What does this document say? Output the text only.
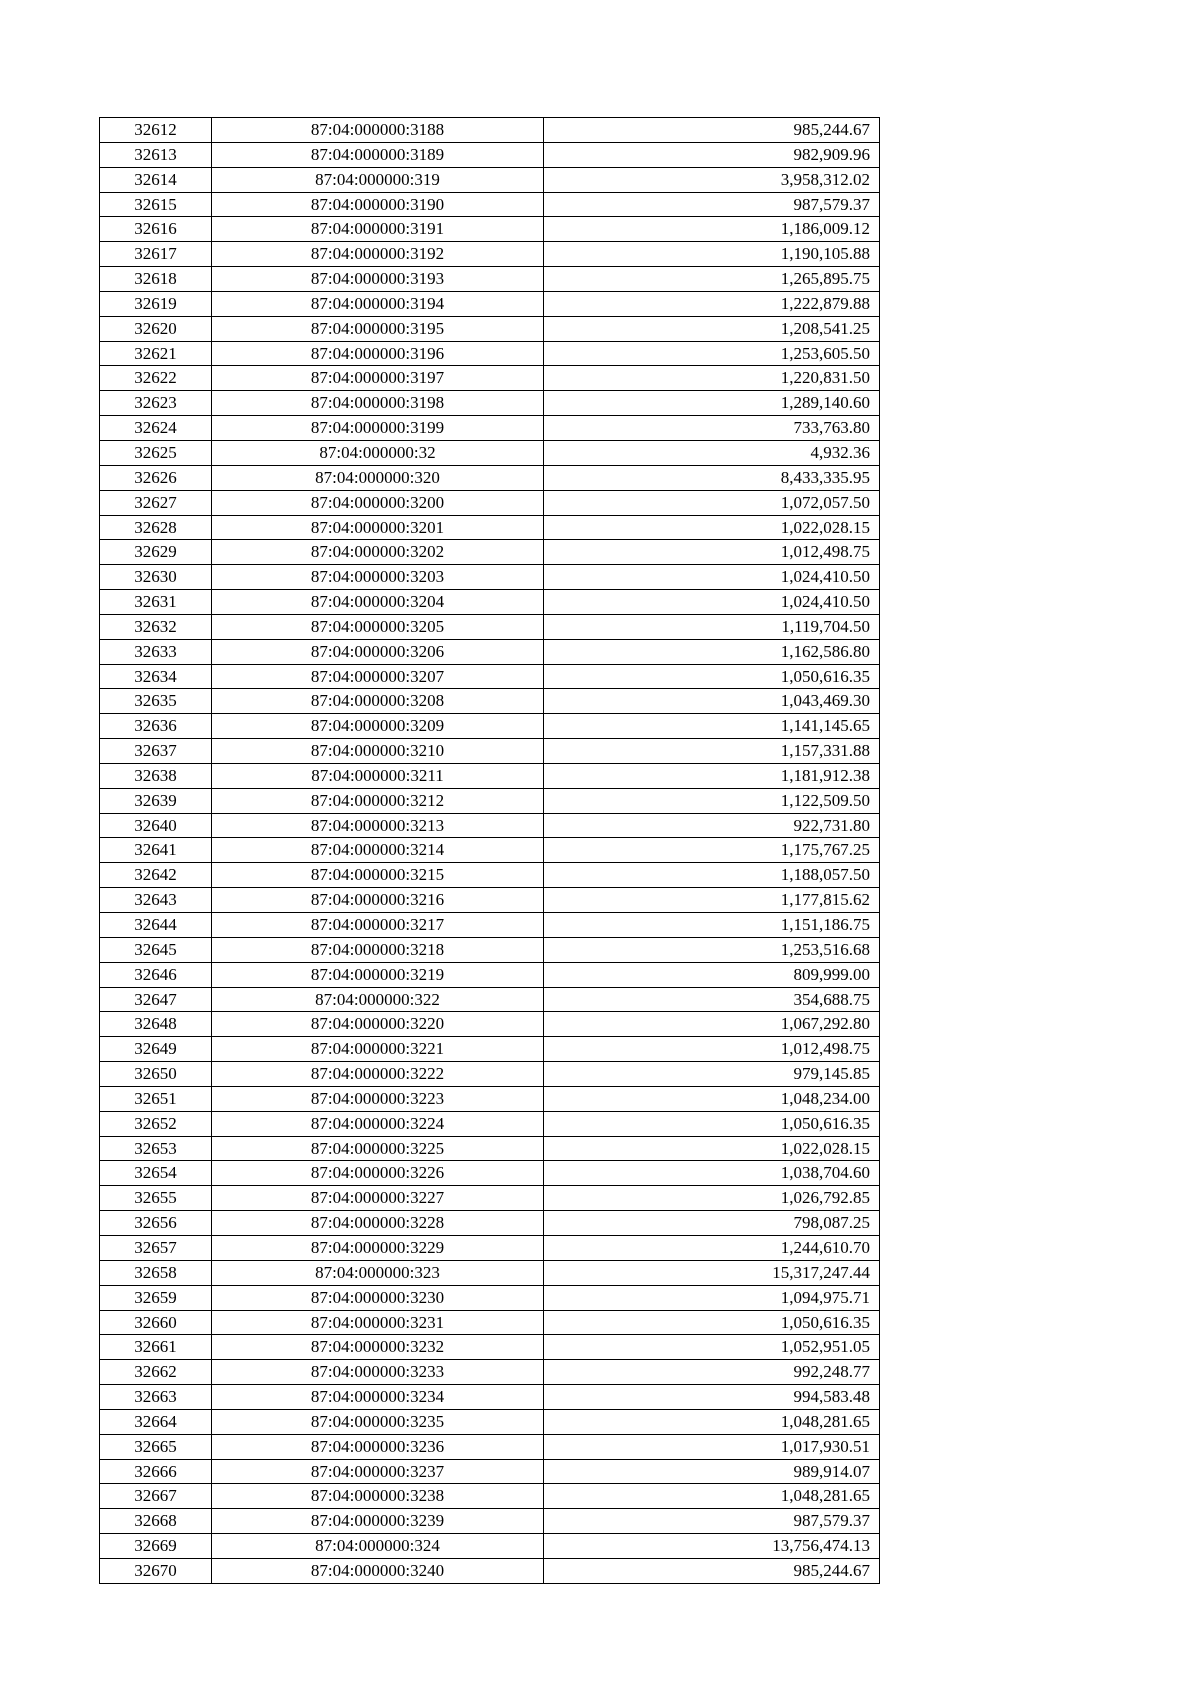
32612	87:04:000000:3188	985,244.67
32613	87:04:000000:3189	982,909.96
32614	87:04:000000:319	3,958,312.02
32615	87:04:000000:3190	987,579.37
32616	87:04:000000:3191	1,186,009.12
32617	87:04:000000:3192	1,190,105.88
32618	87:04:000000:3193	1,265,895.75
32619	87:04:000000:3194	1,222,879.88
32620	87:04:000000:3195	1,208,541.25
32621	87:04:000000:3196	1,253,605.50
32622	87:04:000000:3197	1,220,831.50
32623	87:04:000000:3198	1,289,140.60
32624	87:04:000000:3199	733,763.80
32625	87:04:000000:32	4,932.36
32626	87:04:000000:320	8,433,335.95
32627	87:04:000000:3200	1,072,057.50
32628	87:04:000000:3201	1,022,028.15
32629	87:04:000000:3202	1,012,498.75
32630	87:04:000000:3203	1,024,410.50
32631	87:04:000000:3204	1,024,410.50
32632	87:04:000000:3205	1,119,704.50
32633	87:04:000000:3206	1,162,586.80
32634	87:04:000000:3207	1,050,616.35
32635	87:04:000000:3208	1,043,469.30
32636	87:04:000000:3209	1,141,145.65
32637	87:04:000000:3210	1,157,331.88
32638	87:04:000000:3211	1,181,912.38
32639	87:04:000000:3212	1,122,509.50
32640	87:04:000000:3213	922,731.80
32641	87:04:000000:3214	1,175,767.25
32642	87:04:000000:3215	1,188,057.50
32643	87:04:000000:3216	1,177,815.62
32644	87:04:000000:3217	1,151,186.75
32645	87:04:000000:3218	1,253,516.68
32646	87:04:000000:3219	809,999.00
32647	87:04:000000:322	354,688.75
32648	87:04:000000:3220	1,067,292.80
32649	87:04:000000:3221	1,012,498.75
32650	87:04:000000:3222	979,145.85
32651	87:04:000000:3223	1,048,234.00
32652	87:04:000000:3224	1,050,616.35
32653	87:04:000000:3225	1,022,028.15
32654	87:04:000000:3226	1,038,704.60
32655	87:04:000000:3227	1,026,792.85
32656	87:04:000000:3228	798,087.25
32657	87:04:000000:3229	1,244,610.70
32658	87:04:000000:323	15,317,247.44
32659	87:04:000000:3230	1,094,975.71
32660	87:04:000000:3231	1,050,616.35
32661	87:04:000000:3232	1,052,951.05
32662	87:04:000000:3233	992,248.77
32663	87:04:000000:3234	994,583.48
32664	87:04:000000:3235	1,048,281.65
32665	87:04:000000:3236	1,017,930.51
32666	87:04:000000:3237	989,914.07
32667	87:04:000000:3238	1,048,281.65
32668	87:04:000000:3239	987,579.37
32669	87:04:000000:324	13,756,474.13
32670	87:04:000000:3240	985,244.67
